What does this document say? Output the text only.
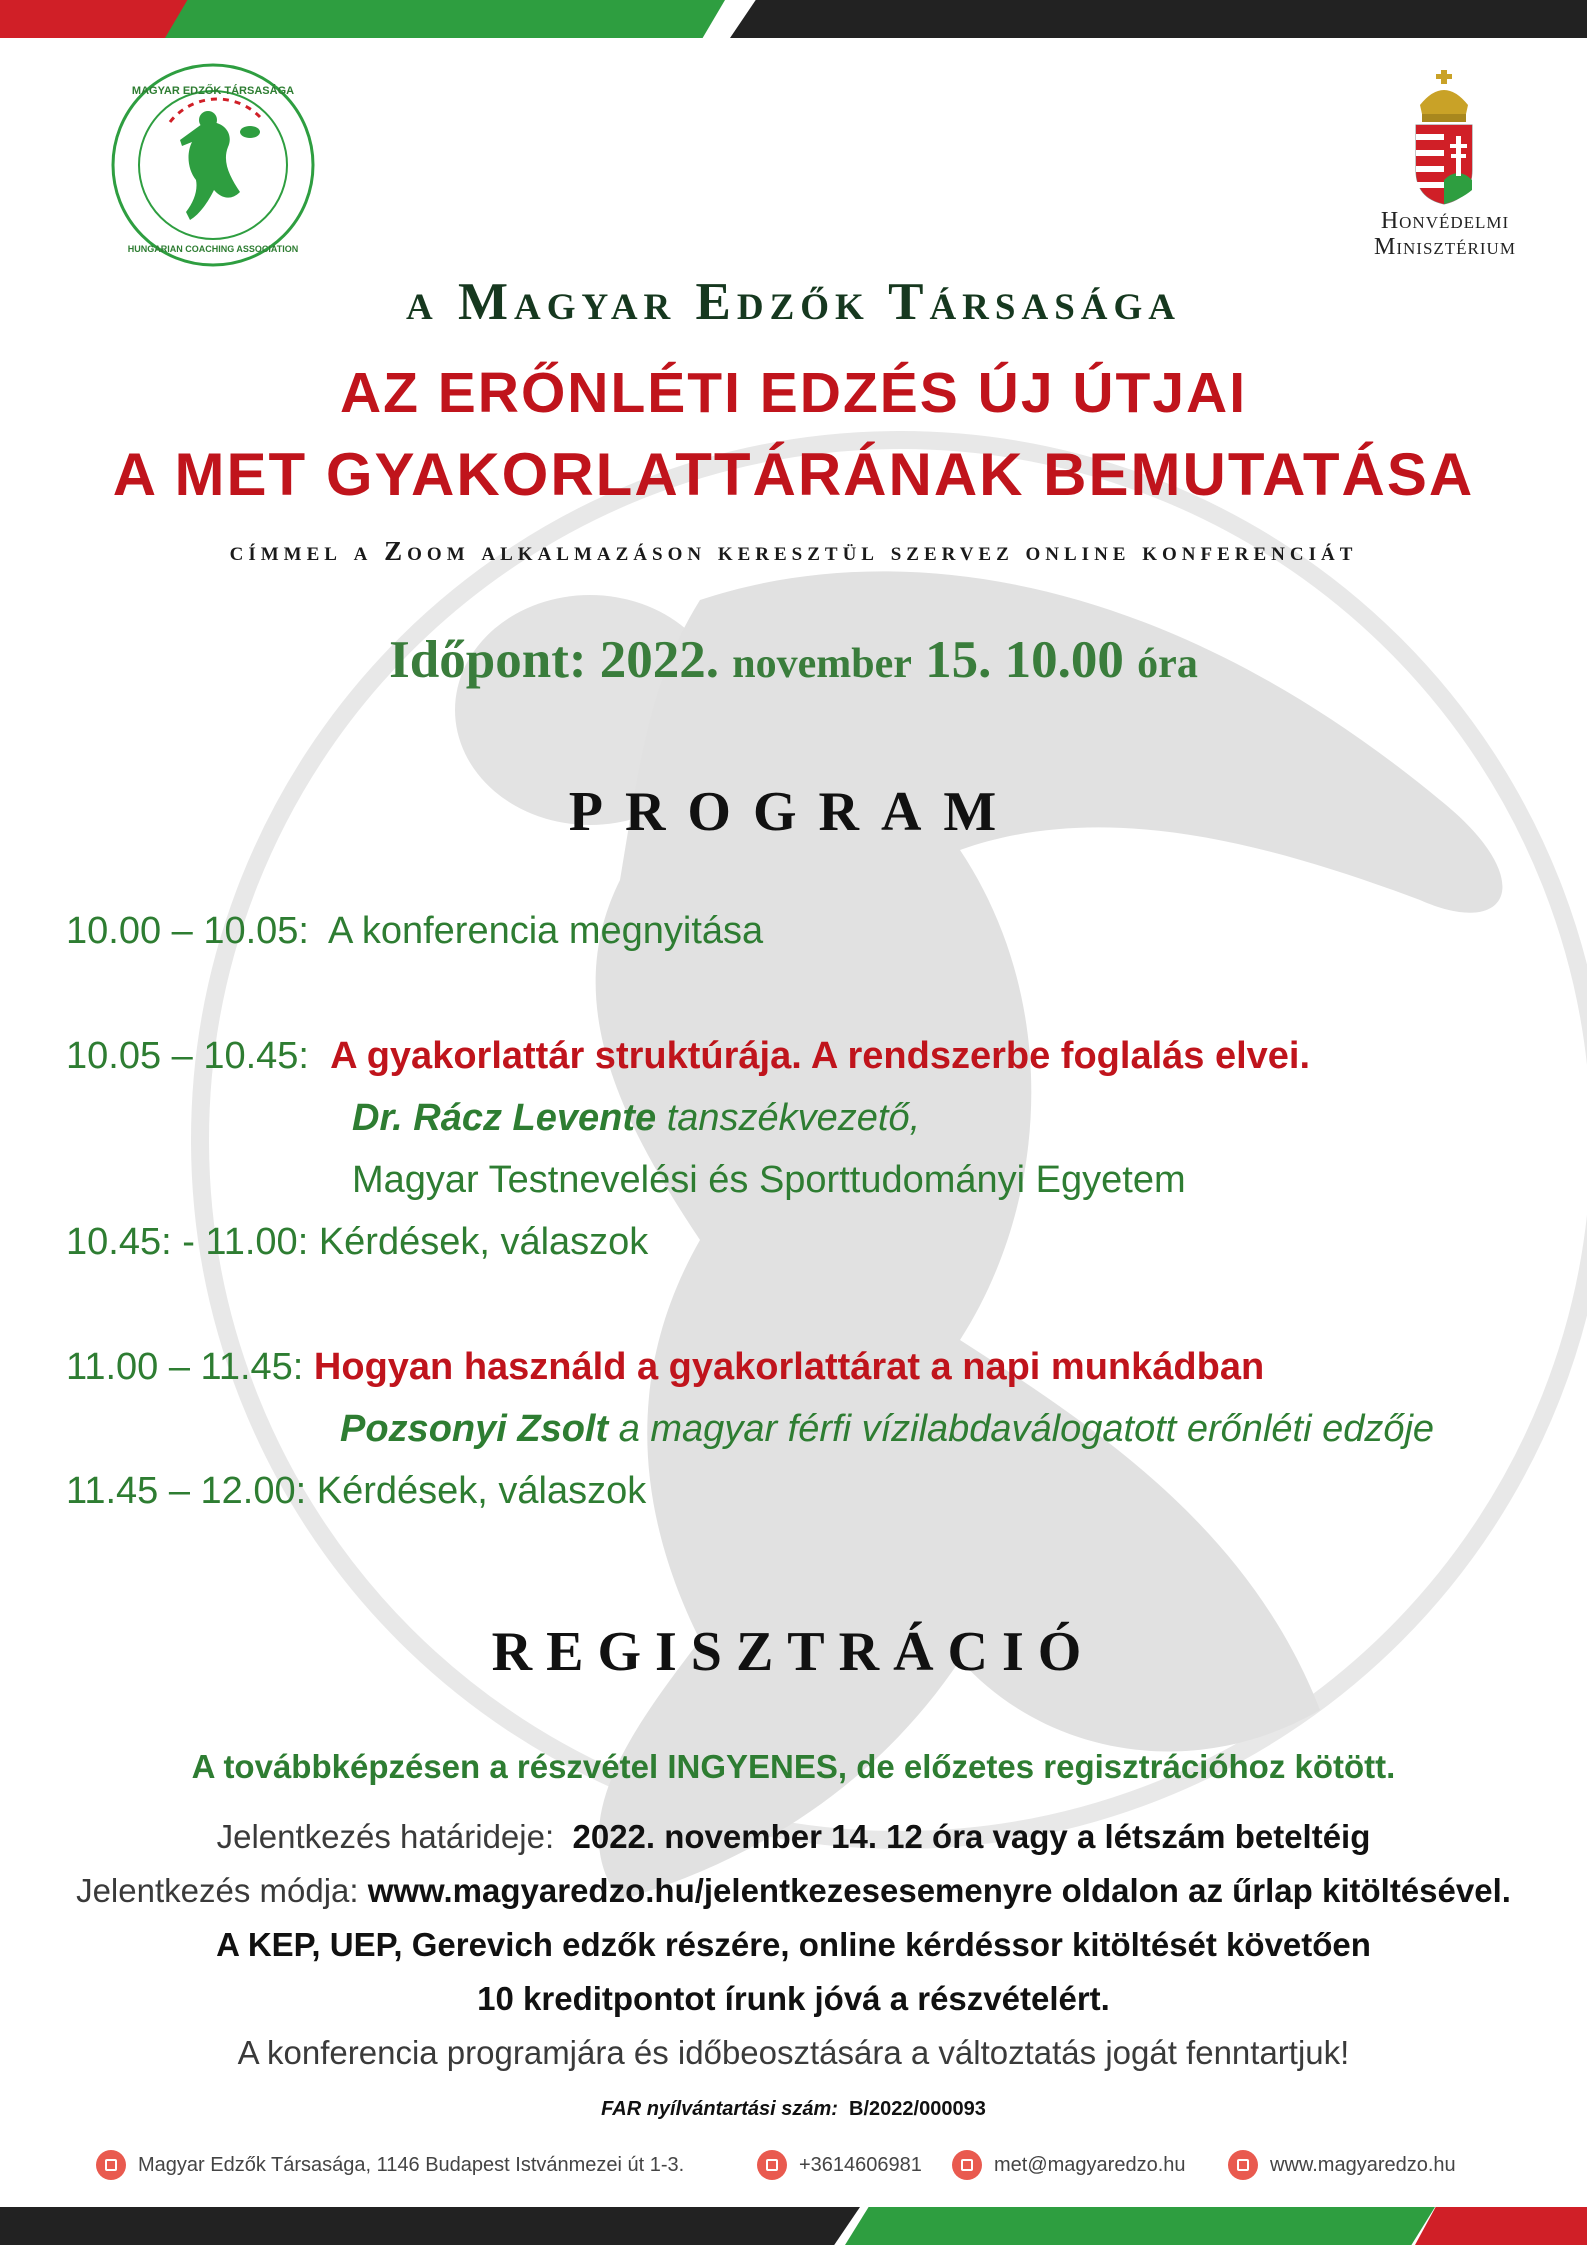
MAGYAR EDZŐK TÁRSASÁGA
HUNGARIAN COACHING ASSOCIATION
Honvédelmi
Minisztérium
a Magyar Edzők Társasága
AZ ERŐNLÉTI EDZÉS ÚJ ÚTJAI
A MET GYAKORLATTÁRÁNAK BEMUTATÁSA
címmel a Zoom alkalmazáson keresztül szervez online konferenciát
Időpont: 2022. november 15. 10.00 óra
PROGRAM
10.00 – 10.05: A konferencia megnyitása
10.05 – 10.45: A gyakorlattár struktúrája. A rendszerbe foglalás elvei.
Dr. Rácz Levente tanszékvezető,
Magyar Testnevelési és Sporttudományi Egyetem
10.45: - 11.00: Kérdések, válaszok
11.00 – 11.45: Hogyan használd a gyakorlattárat a napi munkádban
Pozsonyi Zsolt a magyar férfi vízilabdaválogatott erőnléti edzője
11.45 – 12.00: Kérdések, válaszok
REGISZTRÁCIÓ
A továbbképzésen a részvétel INGYENES, de előzetes regisztrációhoz kötött.
Jelentkezés határideje: 2022. november 14. 12 óra vagy a létszám beteltéig
Jelentkezés módja: www.magyaredzo.hu/jelentkezesesemenyre oldalon az űrlap kitöltésével.
A KEP, UEP, Gerevich edzők részére, online kérdéssor kitöltését követően
10 kreditpontot írunk jóvá a részvételért.
A konferencia programjára és időbeosztására a változtatás jogát fenntartjuk!
FAR nyílvántartási szám: B/2022/000093
Magyar Edzők Társasága, 1146 Budapest Istvánmezei út 1-3.	+3614606981	met@magyaredzo.hu	www.magyaredzo.hu
